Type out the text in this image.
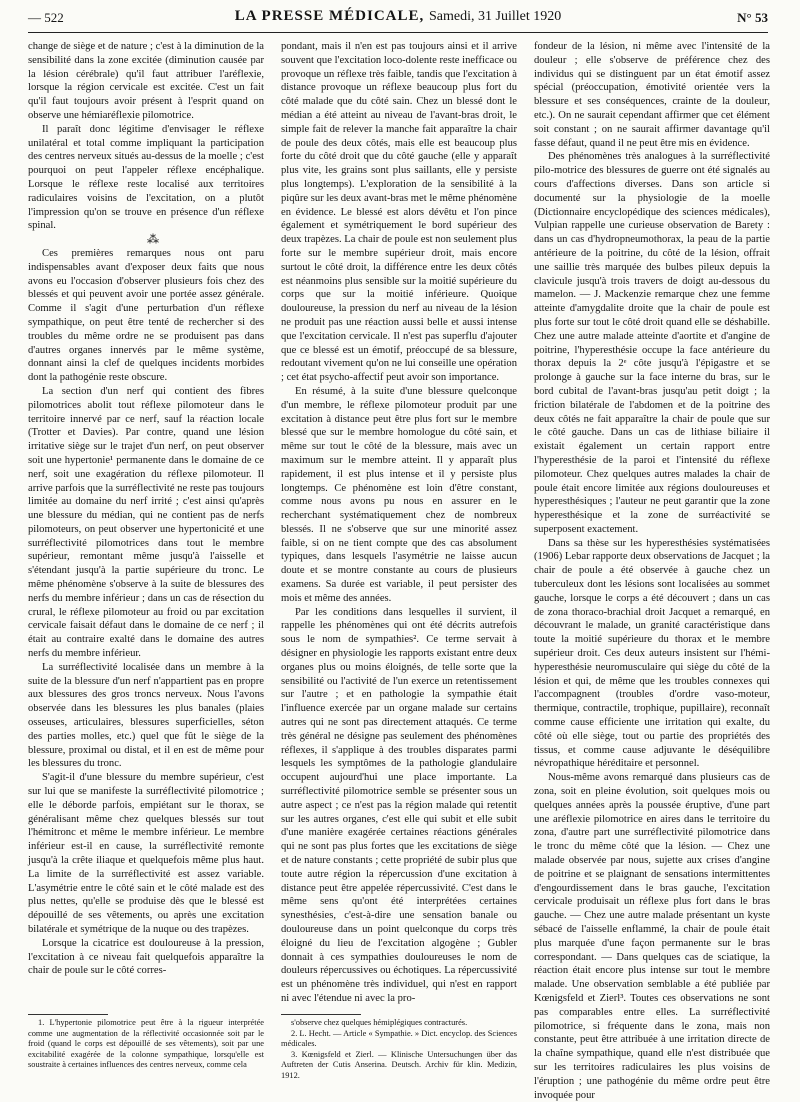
— 522	LA PRESSE MÉDICALE, Samedi, 31 Juillet 1920	N° 53

change de siège et de nature ; c'est à la diminution de la sensibilité dans la zone excitée (diminution causée par la lésion cérébrale) qu'il faut attribuer l'aréflexie, lorsque la région cervicale est excitée. C'est un fait qu'il faut toujours avoir présent à l'esprit quand on observe une hémiaréflexie pilomotrice.

Il paraît donc légitime d'envisager le réflexe unilatéral et total comme impliquant la participation des centres nerveux situés au-dessus de la moelle ; c'est pourquoi on peut l'appeler réflexe encéphalique. Lorsque le réflexe reste localisé aux territoires radiculaires voisins de l'excitation, on a plutôt l'impression qu'on se trouve en présence d'un réflexe spinal.

⁂

Ces premières remarques nous ont paru indispensables avant d'exposer deux faits que nous avons eu l'occasion d'observer plusieurs fois chez des blessés et qui peuvent avoir une portée assez générale. Comme il s'agit d'une perturbation d'un réflexe sympathique, on peut être tenté de rechercher si des troubles du même ordre ne se produisent pas dans d'autres organes innervés par le même système, donnant ainsi la clef de quelques incidents morbides dont la pathogénie reste obscure.

La section d'un nerf qui contient des fibres pilomotrices abolit tout réflexe pilomoteur dans le territoire innervé par ce nerf, sauf la réaction locale (Trotter et Davies). Par contre, quand une lésion irritative siège sur le trajet d'un nerf, on peut observer soit une hypertonie¹ permanente dans le domaine de ce nerf, soit une exagération du réflexe pilomoteur. Il arrive parfois que la surréflectivité ne reste pas toujours limitée au domaine du nerf irrité ; c'est ainsi qu'après une blessure du médian, qui ne contient pas de nerfs pilomoteurs, on peut observer une hypertonicité et une surréflectivité pilomotrices dans tout le membre supérieur, remontant même jusqu'à l'aisselle et s'étendant jusqu'à la partie supérieure du tronc. Le même phénomène s'observe à la suite de blessures des nerfs du membre inférieur ; dans un cas de résection du crural, le réflexe pilomoteur au froid ou par excitation cervicale faisait défaut dans le domaine de ce nerf ; il était au contraire exalté dans le domaine des autres nerfs du membre inférieur.

La surréflectivité localisée dans un membre à la suite de la blessure d'un nerf n'appartient pas en propre aux blessures des gros troncs nerveux. Nous l'avons observée dans les blessures les plus banales (plaies osseuses, articulaires, blessures superficielles, séton des parties molles, etc.) quel que fût le siège de la blessure, proximal ou distal, et il en est de même pour les blessures du tronc.

S'agit-il d'une blessure du membre supérieur, c'est sur lui que se manifeste la surréflectivité pilomotrice ; elle le déborde parfois, empiétant sur le thorax, se généralisant même chez quelques blessés sur tout l'hémitronc et même le membre inférieur. Le membre inférieur est-il en cause, la surréflectivité remonte jusqu'à la crête iliaque et quelquefois même plus haut. La limite de la surréflectivité est assez variable. L'asymétrie entre le côté sain et le côté malade est des plus nettes, qu'elle se produise dès que le blessé est dépouillé de ses vêtements, ou après une excitation bilatérale et symétrique de la nuque ou des trapèzes.

Lorsque la cicatrice est douloureuse à la pression, l'excitation à ce niveau fait quelquefois apparaître la chair de poule sur le côté corres-

pondant, mais il n'en est pas toujours ainsi et il arrive souvent que l'excitation loco-dolente reste inefficace ou provoque un réflexe très faible, tandis que l'excitation à distance provoque un réflexe beaucoup plus fort du côté malade que du côté sain. Chez un blessé dont le médian a été atteint au niveau de l'avant-bras droit, le simple fait de relever la manche fait apparaître la chair de poule des deux côtés, mais elle est beaucoup plus forte du côté droit que du côté gauche (elle y apparaît plus vite, les grains sont plus saillants, elle y persiste plus longtemps). L'exploration de la sensibilité à la piqûre sur les deux avant-bras met le même phénomène en évidence. Le blessé est alors dévêtu et l'on pince également et symétriquement le bord supérieur des deux trapèzes. La chair de poule est non seulement plus forte sur le membre supérieur droit, mais encore surtout le côté droit, la différence entre les deux côtés est néanmoins plus sensible sur la moitié supérieure du corps que sur la moitié inférieure. Quoique douloureuse, la pression du nerf au niveau de la lésion ne produit pas une réaction aussi belle et aussi intense que l'excitation cervicale. Il n'est pas superflu d'ajouter que ce blessé est un émotif, préoccupé de sa blessure, redoutant vivement qu'on ne lui conseille une opération ; cet état psycho-affectif peut avoir son importance.

En résumé, à la suite d'une blessure quelconque d'un membre, le réflexe pilomoteur produit par une excitation à distance peut être plus fort sur le membre blessé que sur le membre homologue du côté sain, et même sur tout le côté de la blessure, mais avec un maximum sur le membre atteint. Il y apparaît plus rapidement, il est plus intense et il y persiste plus longtemps. Ce phénomène est loin d'être constant, comme nous avons pu nous en assurer en le recherchant systématiquement chez de nombreux blessés. Il ne s'observe que sur une minorité assez faible, si on ne tient compte que des cas absolument typiques, dans lesquels l'asymétrie ne laisse aucun doute et se montre constante au cours de plusieurs examens. Sa durée est variable, il peut persister des mois et même des années.

Par les conditions dans lesquelles il survient, il rappelle les phénomènes qui ont été décrits autrefois sous le nom de sympathies². Ce terme servait à désigner en physiologie les rapports existant entre deux organes plus ou moins éloignés, de telle sorte que la sensibilité ou l'activité de l'un exerce un retentissement sur l'autre ; et en pathologie la sympathie était l'influence exercée par un organe malade sur certains autres qui ne sont pas directement attaqués. Ce terme très général ne désigne pas seulement des phénomènes réflexes, il s'applique à des troubles disparates parmi lesquels les symptômes de la pathologie glandulaire occupent aujourd'hui une place importante. La surréflectivité pilomotrice semble se présenter sous un autre aspect ; ce n'est pas la région malade qui retentit sur les autres organes, c'est elle qui subit et elle subit d'une manière exagérée certaines réactions générales qui ne sont pas plus fortes que les excitations de siège et de nature constants ; cette propriété de subir plus que toute autre région la répercussion d'une excitation à distance peut être appelée répercussivité. C'est dans le même sens qu'ont été interprétées certaines synesthésies, c'est-à-dire une sensation banale ou douloureuse dans un point quelconque du corps très éloigné du lieu de l'excitation algogène ; Gubler donnait à ces sympathies douloureuses le nom de douleurs répercussives ou échotiques. La répercussivité est un phénomène très individuel, qui n'est en rapport ni avec l'étendue ni avec la pro-

fondeur de la lésion, ni même avec l'intensité de la douleur ; elle s'observe de préférence chez des individus qui se distinguent par un état émotif assez spécial (préoccupation, émotivité orientée vers la blessure et ses conséquences, crainte de la douleur, etc.). On ne saurait cependant affirmer que cet élément soit constant ; on ne saurait affirmer davantage qu'il fasse défaut, quand il ne peut être mis en évidence.

Des phénomènes très analogues à la surréflectivité pilo-motrice des blessures de guerre ont été signalés au cours d'affections diverses. Dans son article si documenté sur la physiologie de la moelle (Dictionnaire encyclopédique des sciences médicales), Vulpian rappelle une curieuse observation de Barety : dans un cas d'hydropneumothorax, la peau de la partie antérieure de la poitrine, du côté de la lésion, offrait une saillie très marquée des bulbes pileux depuis la clavicule jusqu'à trois travers de doigt au-dessous du mamelon. — J. Mackenzie remarque chez une femme atteinte d'amygdalite droite que la chair de poule est plus forte sur tout le côté droit quand elle se déshabille. Chez une autre malade atteinte d'aortite et d'angine de poitrine, l'hyperesthésie occupe la face antérieure du thorax depuis la 2ᵉ côte jusqu'à l'épigastre et se prolonge à gauche sur la face interne du bras, sur le bord cubital de l'avant-bras jusqu'au petit doigt ; la friction bilatérale de l'abdomen et de la poitrine des deux côtés ne fait apparaître la chair de poule que sur le côté gauche. Dans un cas de lithiase biliaire il existait également un certain rapport entre l'hyperesthésie de la paroi et l'intensité du réflexe pilomoteur. Chez quelques autres malades la chair de poule était encore limitée aux régions douloureuses et hyperesthésiques ; l'auteur ne peut garantir que la zone hyperesthésique et la zone de surréactivité se superposent exactement.

Dans sa thèse sur les hyperesthésies systématisées (1906) Lebar rapporte deux observations de Jacquet ; la chair de poule a été observée à gauche chez un tuberculeux dont les lésions sont localisées au sommet gauche, lorsque le corps a été découvert ; dans un cas de zona thoraco-brachial droit Jacquet a remarqué, en découvrant le malade, un granité caractéristique dans toute la moitié supérieure du thorax et le membre supérieur droit. Ces deux auteurs insistent sur l'hémi-hyperesthésie neuromusculaire qui siège du côté de la lésion et qui, de même que les troubles connexes qui l'accompagnent (troubles d'ordre vaso-moteur, thermique, contractile, trophique, pupillaire), reconnaît comme cause efficiente une irritation qui exalte, du côté où elle siège, tout ou partie des propriétés des tissus, et comme cause adjuvante le déséquilibre névropathique héréditaire et personnel.

Nous-même avons remarqué dans plusieurs cas de zona, soit en pleine évolution, soit quelques mois ou quelques années après la poussée éruptive, d'une part une aréflexie pilomotrice en aires dans le territoire du zona, d'autre part une surréflectivité pilomotrice dans le tronc du même côté que la lésion. — Chez une malade observée par nous, sujette aux crises d'angine de poitrine et se plaignant de sensations intermittentes d'engourdissement dans le bras gauche, l'excitation cervicale produisait un réflexe plus fort dans le bras gauche. — Chez une autre malade présentant un kyste sébacé de l'aisselle enflammé, la chair de poule était plus marquée d'une façon permanente sur le bras correspondant. — Dans quelques cas de sciatique, la réaction était encore plus intense sur tout le membre malade. Une observation semblable a été publiée par Kœnigsfeld et Zierl³. Toutes ces observations ne sont pas comparables entre elles. La surréflectivité pilomotrice, si fréquente dans le zona, mais non constante, peut être attribuée à une irritation directe de la chaîne sympathique, quand elle n'est distribuée que sur les territoires radiculaires les plus voisins de l'éruption ; une pathogénie du même ordre peut être invoquée pour

1. L'hypertonie pilomotrice peut être à la rigueur interprétée comme une augmentation de la réflectivité occasionnée soit par le froid (quand le corps est dépouillé de ses vêtements), soit par une excitabilité exagérée de la colonne sympathique, lorsqu'elle est soustraite à certaines influences des centres nerveux, comme cela

s'observe chez quelques hémiplégiques contracturés.

2. L. Hecht. — Article « Sympathie. » Dict. encyclop. des Sciences médicales.

3. Kœnigsfeld et Zierl. — Klinische Untersuchungen über das Auftreten der Cutis Anserina. Deutsch. Archiv für klin. Medizin, 1912.
